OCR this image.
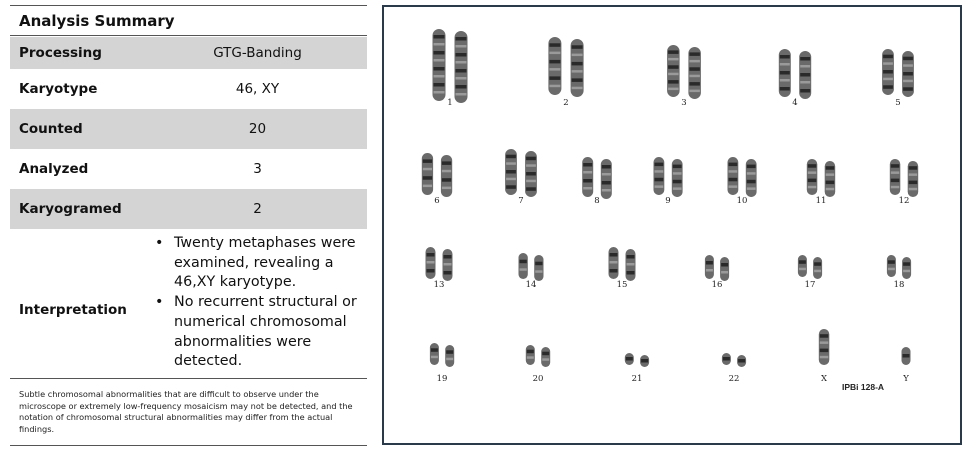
Analysis Summary
Processing	GTG-Banding
Karyotype	46, XY
Counted	20
Analyzed	3
Karyogramed	2
Interpretation
• Twenty metaphases were examined, revealing a 46,XY karyotype.
• No recurrent structural or numerical chromosomal abnormalities were detected.
Subtle chromosomal abnormalities that are difficult to observe under the microscope or extremely low-frequency mosaicism may not be detected, and the notation of chromosomal structural abnormalities may differ from the actual findings.
IPBi 128-A
1	2	3	4	5
6	7	8	9	10	11	12
13	14	15	16	17	18
19	20	21	22	X	Y
